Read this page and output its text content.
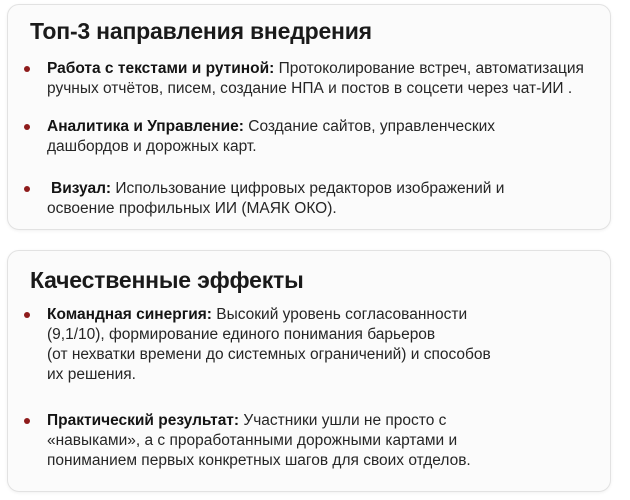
Топ-3 направления внедрения
Работа с текстами и рутиной: Протоколирование встреч, автоматизация
ручных отчётов, писем, создание НПА и постов в соцсети через чат-ИИ .
Аналитика и Управление: Создание сайтов, управленческих
дашбордов и дорожных карт.
Визуал: Использование цифровых редакторов изображений и
освоение профильных ИИ (МАЯК ОКО).
Качественные эффекты
Командная синергия: Высокий уровень согласованности
(9,1/10), формирование единого понимания барьеров
(от нехватки времени до системных ограничений) и способов
их решения.
Практический результат: Участники ушли не просто с
«навыками», а с проработанными дорожными картами и
пониманием первых конкретных шагов для своих отделов.
